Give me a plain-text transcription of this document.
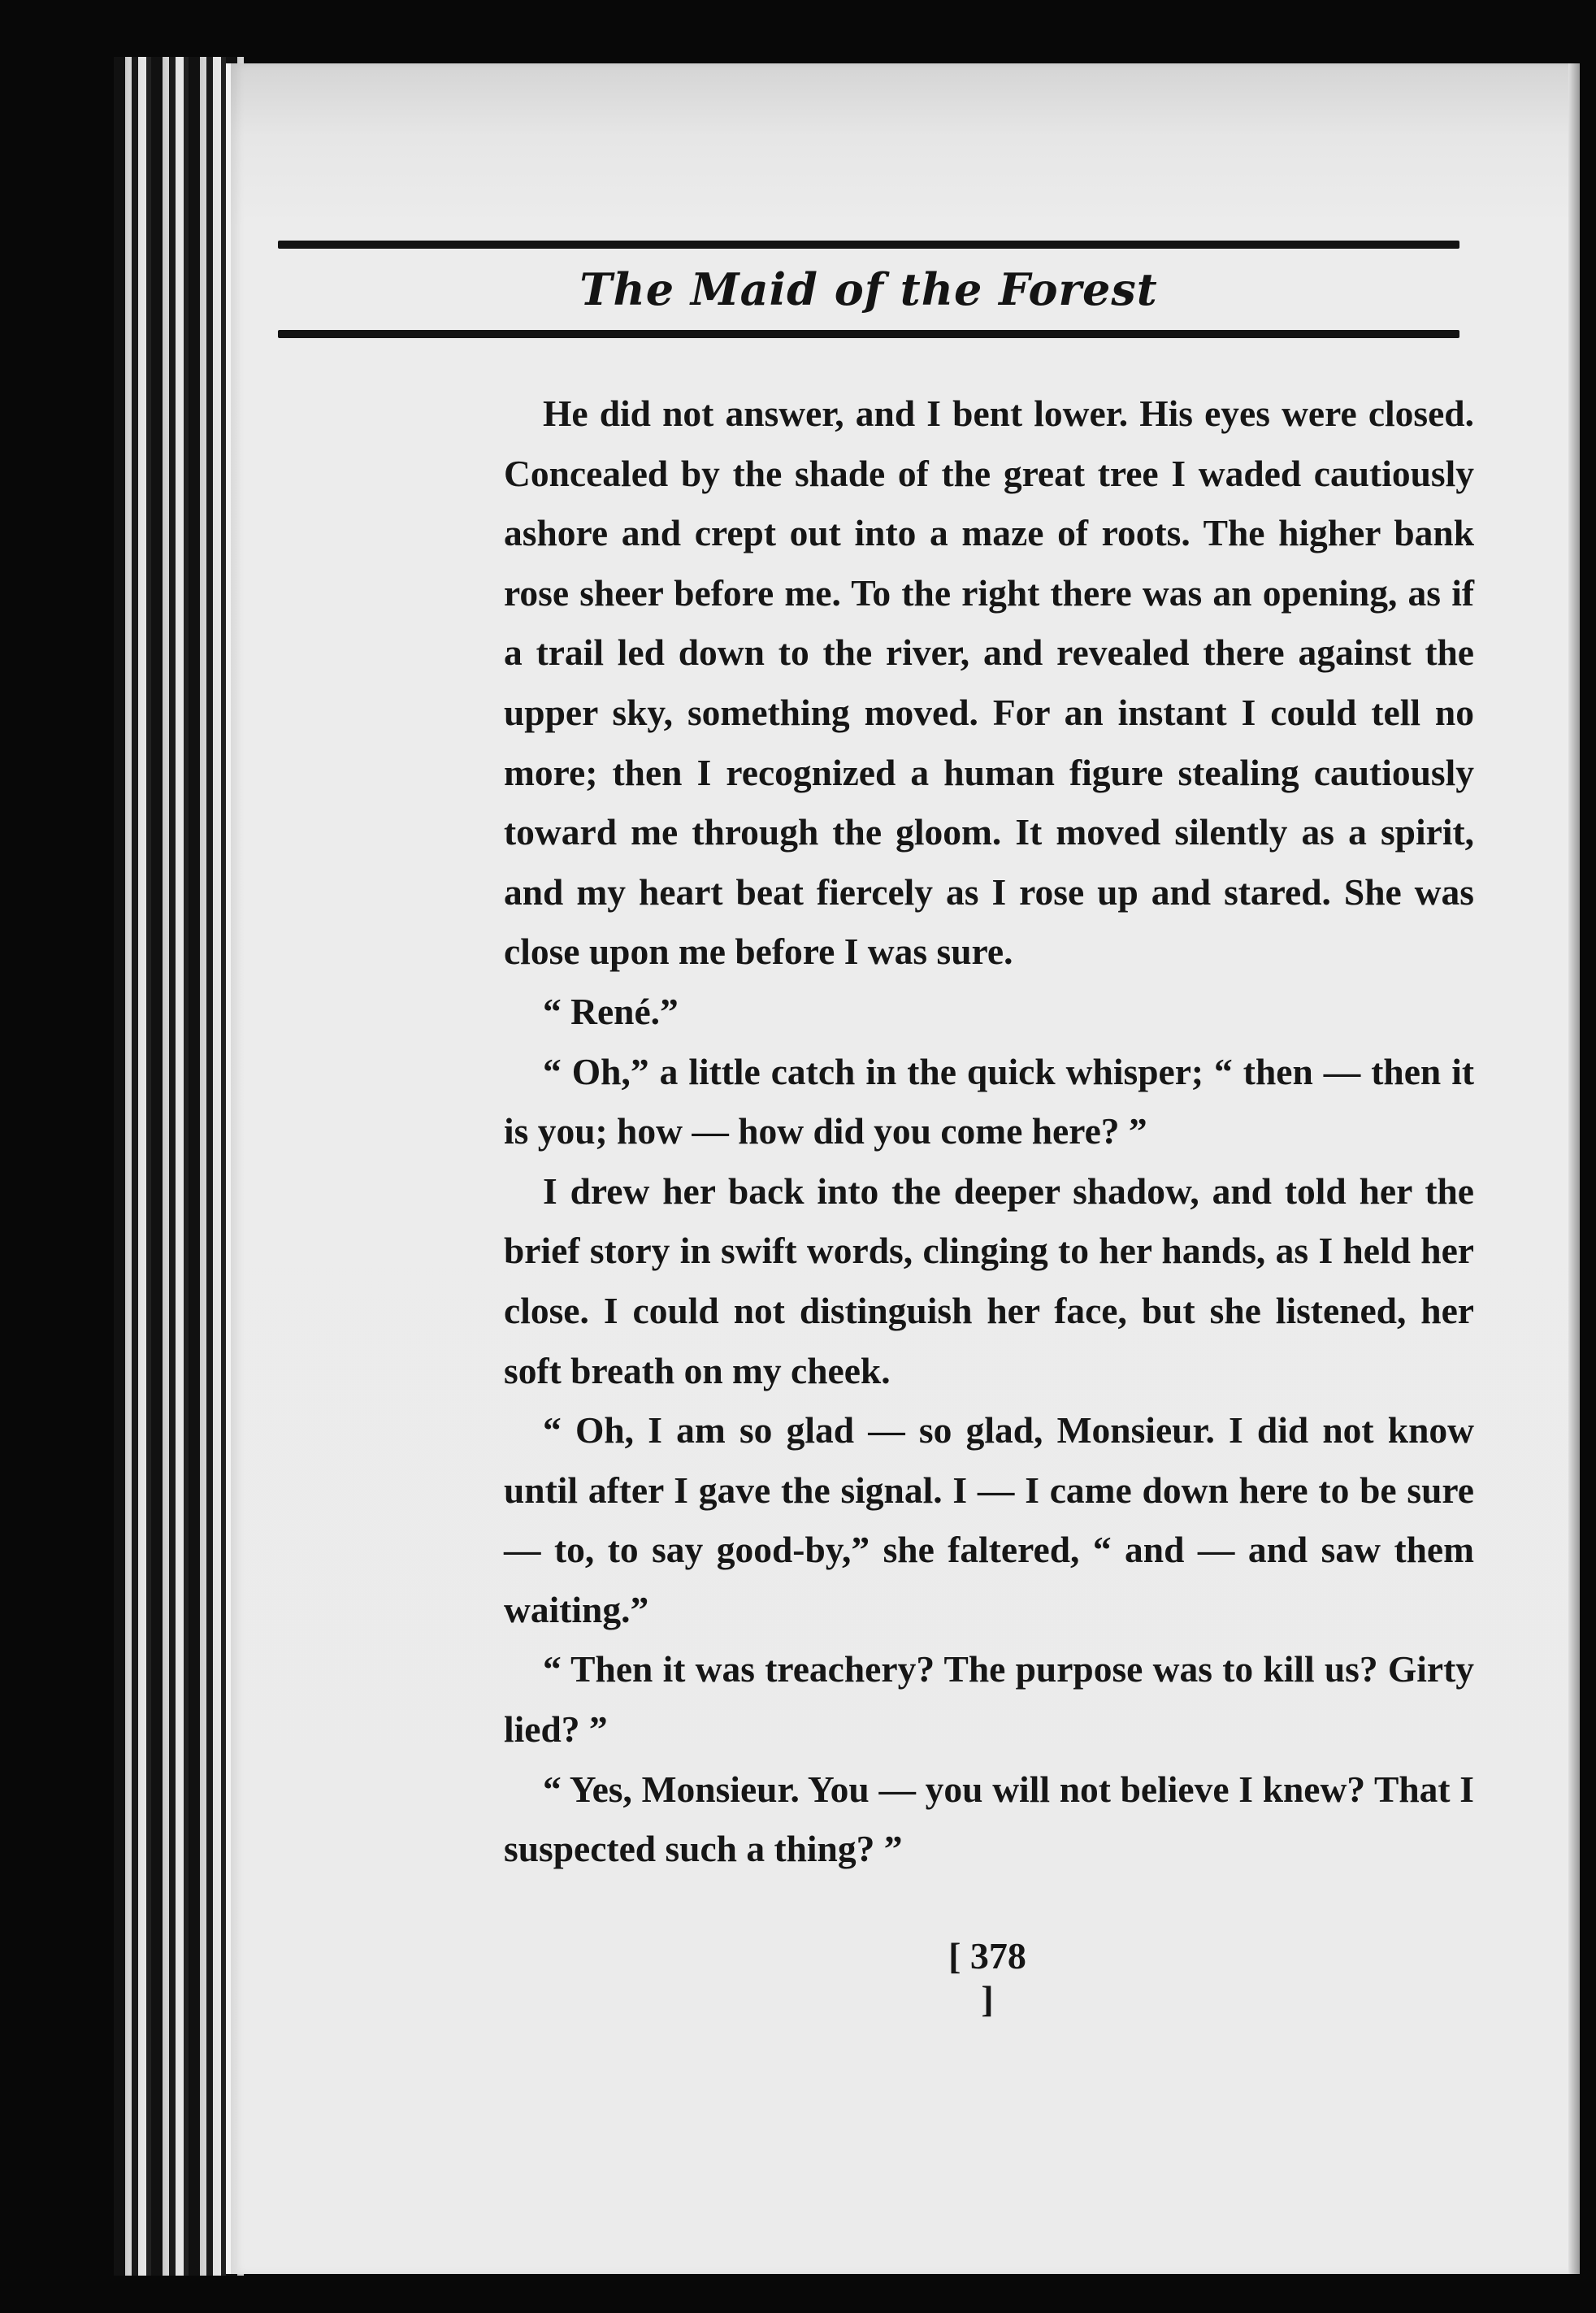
The Maid of the Forest

He did not answer, and I bent lower. His eyes were closed. Concealed by the shade of the great tree I waded cautiously ashore and crept out into a maze of roots. The higher bank rose sheer before me. To the right there was an opening, as if a trail led down to the river, and revealed there against the upper sky, something moved. For an instant I could tell no more; then I recognized a human figure stealing cautiously toward me through the gloom. It moved silently as a spirit, and my heart beat fiercely as I rose up and stared. She was close upon me before I was sure.

“ René.”

“ Oh,” a little catch in the quick whisper; “ then — then it is you; how — how did you come here? ”

I drew her back into the deeper shadow, and told her the brief story in swift words, clinging to her hands, as I held her close. I could not distinguish her face, but she listened, her soft breath on my cheek.

“ Oh, I am so glad — so glad, Monsieur. I did not know until after I gave the signal. I — I came down here to be sure — to, to say good-by,” she faltered, “ and — and saw them waiting.”

“ Then it was treachery? The purpose was to kill us? Girty lied? ”

“ Yes, Monsieur. You — you will not believe I knew? That I suspected such a thing? ”

[ 378 ]
